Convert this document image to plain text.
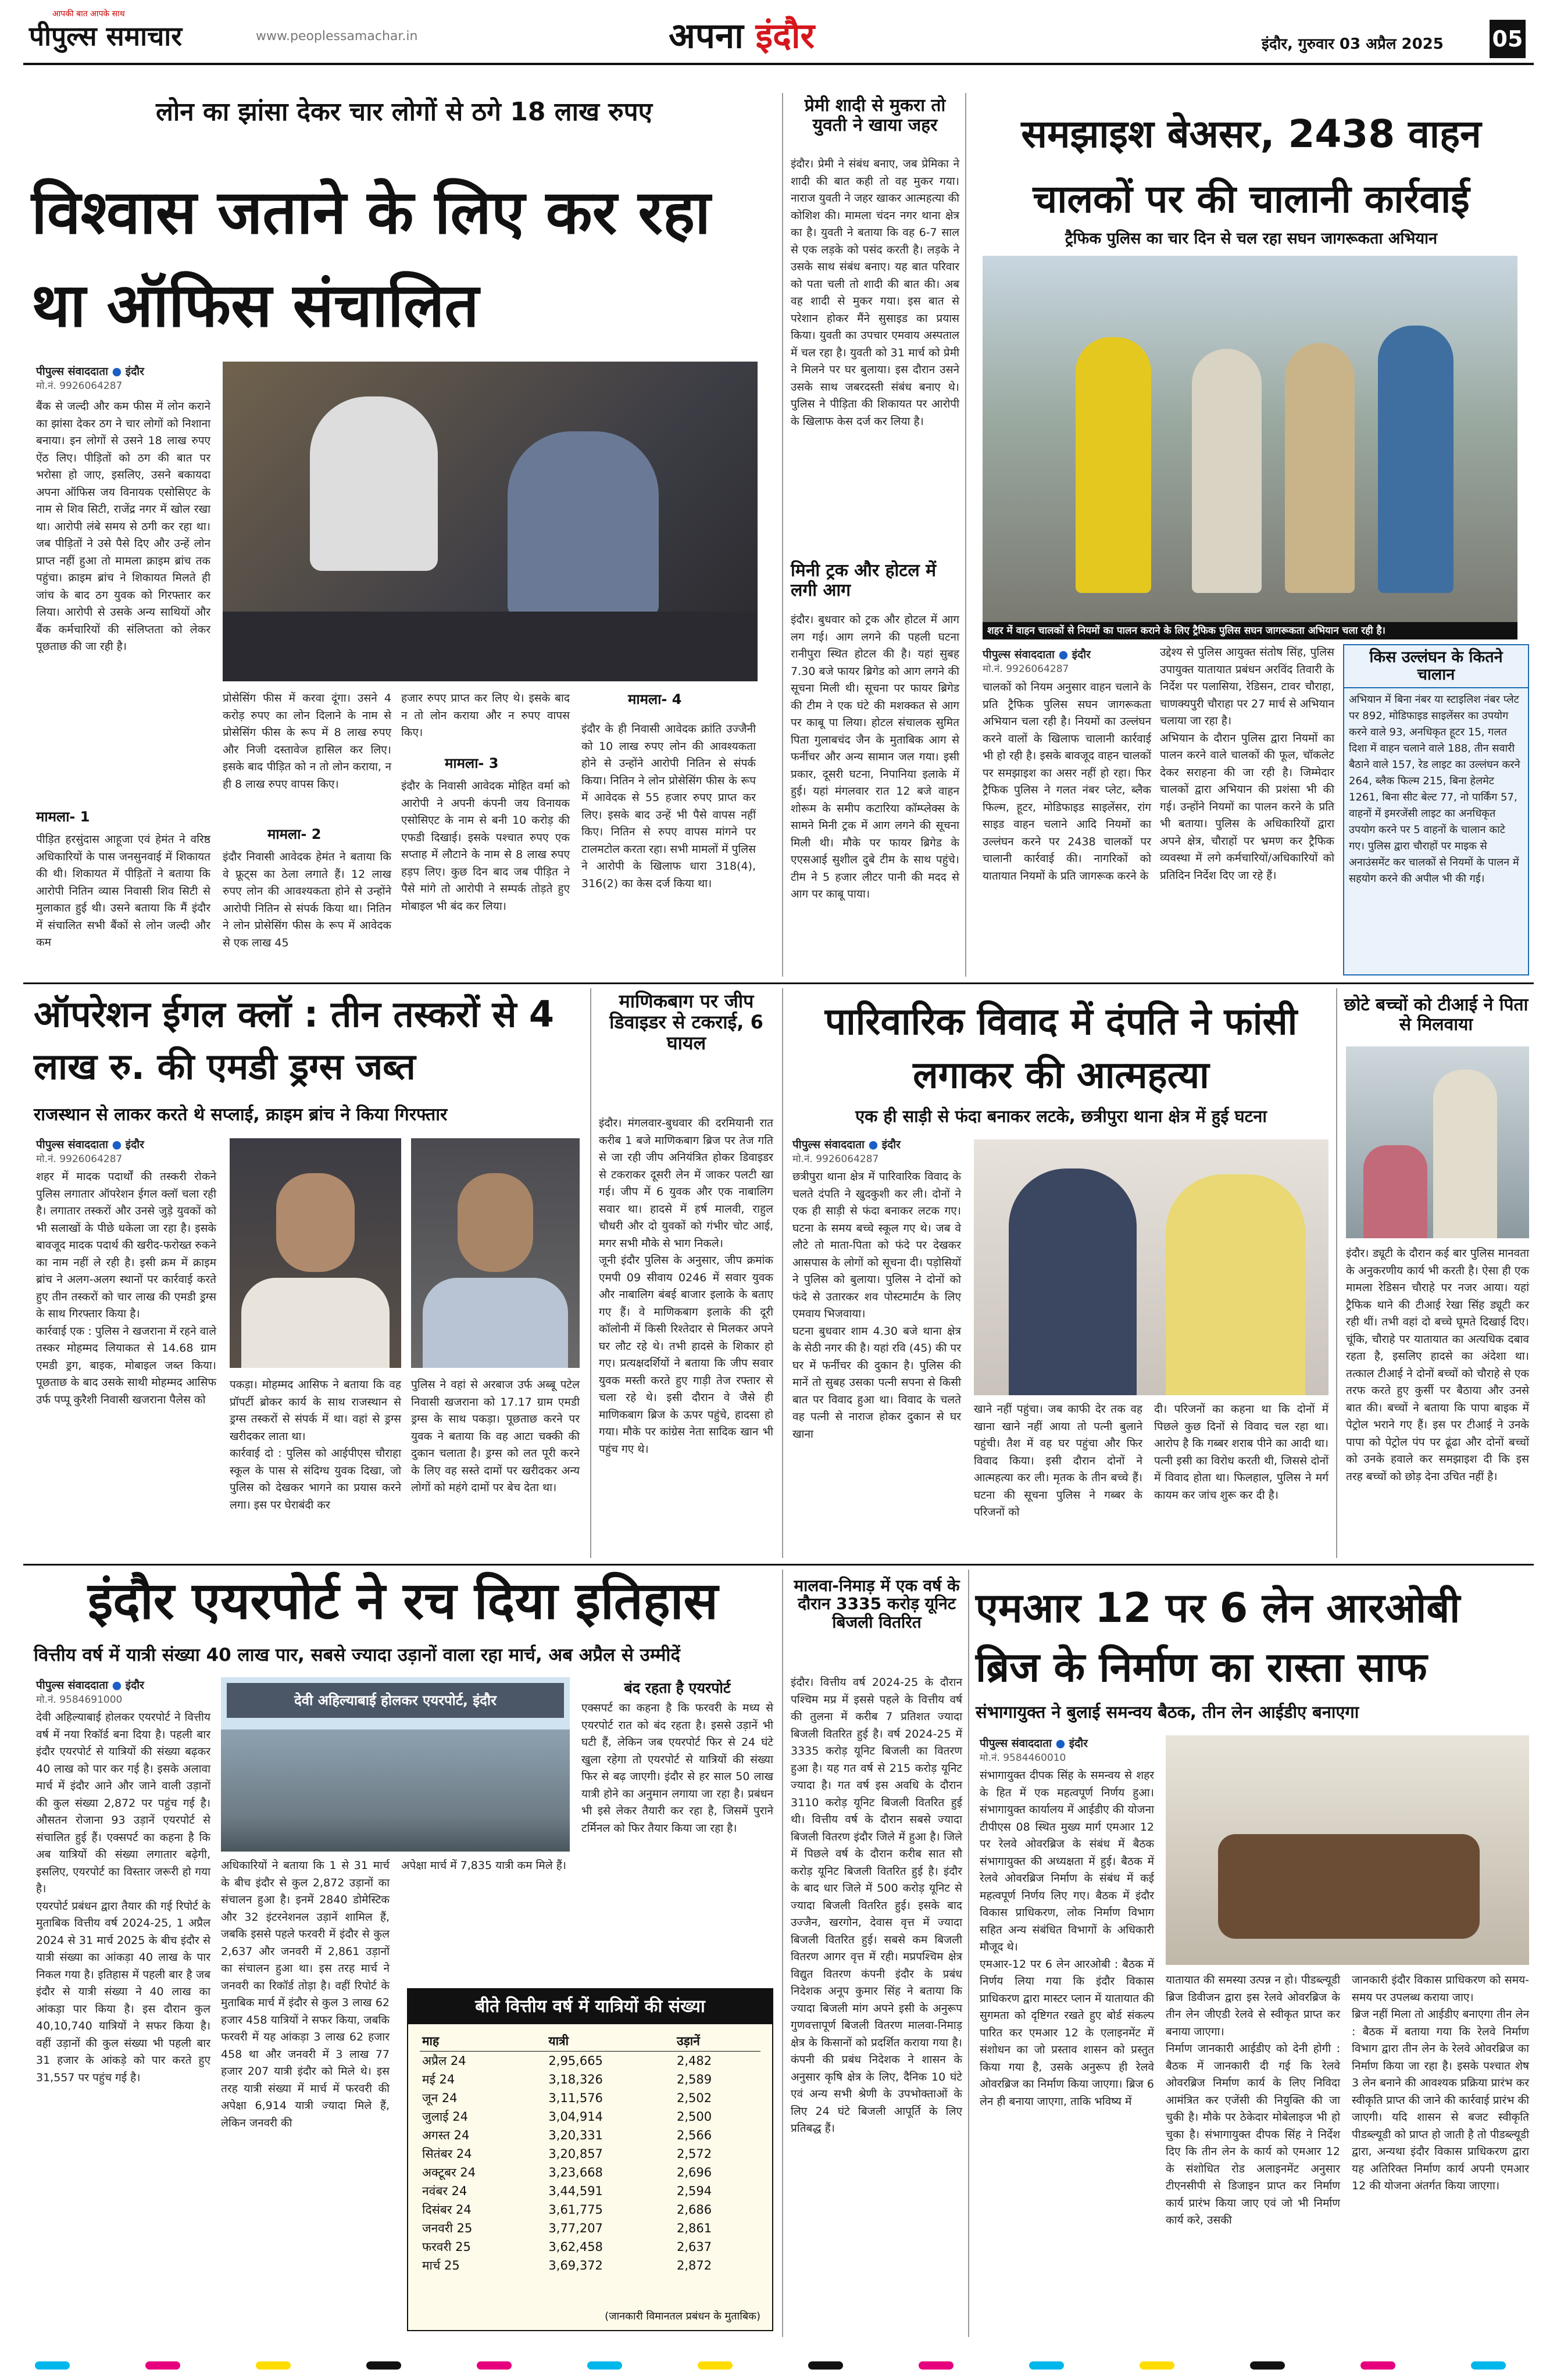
पीपुल्स समाचार
आपकी बात आपके साथ
www.peoplessamachar.in	अपना इंदौर	इंदौर, गुरुवार 03 अप्रैल 2025 05
लोन का झांसा देकर चार लोगों से ठगे 18 लाख रुपए
विश्वास जताने के लिए कर रहा था ऑफिस संचालित
पीपुल्स संवाददाता ● इंदौर
मो.नं. 9926064287
बैंक से जल्दी और कम फीस में लोन कराने का झांसा देकर ठग ने चार लोगों को निशाना बनाया। इन लोगों से उसने 18 लाख रुपए ऐंठ लिए। पीड़ितों को ठग की बात पर भरोसा हो जाए, इसलिए, उसने बकायदा अपना ऑफिस जय विनायक एसोसिएट के नाम से शिव सिटी, राजेंद्र नगर में खोल रखा था। आरोपी लंबे समय से ठगी कर रहा था। जब पीड़ितों ने उसे पैसे दिए और उन्हें लोन प्राप्त नहीं हुआ तो मामला क्राइम ब्रांच तक पहुंचा। क्राइम ब्रांच ने शिकायत मिलते ही जांच के बाद ठग युवक को गिरफ्तार कर लिया। आरोपी से उसके अन्य साथियों और बैंक कर्मचारियों की संलिप्तता को लेकर पूछताछ की जा रही है।
मामला- 1
पीड़ित हरसुंदास आहूजा एवं हेमंत ने वरिष्ठ अधिकारियों के पास जनसुनवाई में शिकायत की थी। शिकायत में पीड़ितों ने बताया कि आरोपी नितिन व्यास निवासी शिव सिटी से मुलाकात हुई थी। उसने बताया कि मैं इंदौर में संचालित सभी बैंकों से लोन जल्दी और कम
प्रोसेसिंग फीस में करवा दूंगा। उसने 4 करोड़ रुपए का लोन दिलाने के नाम से प्रोसेसिंग फीस के रूप में 8 लाख रुपए और निजी दस्तावेज हासिल कर लिए। इसके बाद पीड़ित को न तो लोन कराया, न ही 8 लाख रुपए वापस किए।
मामला- 2
इंदौर निवासी आवेदक हेमंत ने बताया कि वे फ्रूट्स का ठेला लगाते हैं। 12 लाख रुपए लोन की आवश्यकता होने से उन्होंने आरोपी नितिन से संपर्क किया था। नितिन ने लोन प्रोसेसिंग फीस के रूप में आवेदक से एक लाख 45
हजार रुपए प्राप्त कर लिए थे। इसके बाद न तो लोन कराया और न रुपए वापस किए।
मामला- 3
इंदौर के निवासी आवेदक मोहित वर्मा को आरोपी ने अपनी कंपनी जय विनायक एसोसिएट के नाम से बनी 10 करोड़ की एफडी दिखाई। इसके पश्चात रुपए एक सप्ताह में लौटाने के नाम से 8 लाख रुपए हड़प लिए। कुछ दिन बाद जब पीड़ित ने पैसे मांगे तो आरोपी ने सम्पर्क तोड़ते हुए मोबाइल भी बंद कर लिया।
मामला- 4
इंदौर के ही निवासी आवेदक क्रांति उज्जैनी को 10 लाख रुपए लोन की आवश्यकता होने से उन्होंने आरोपी नितिन से संपर्क किया। नितिन ने लोन प्रोसेसिंग फीस के रूप में आवेदक से 55 हजार रुपए प्राप्त कर लिए। इसके बाद उन्हें भी पैसे वापस नहीं किए। नितिन से रुपए वापस मांगने पर टालमटोल करता रहा। सभी मामलों में पुलिस ने आरोपी के खिलाफ धारा 318(4), 316(2) का केस दर्ज किया था।
प्रेमी शादी से मुकरा तो युवती ने खाया जहर
इंदौर। प्रेमी ने संबंध बनाए, जब प्रेमिका ने शादी की बात कही तो वह मुकर गया। नाराज युवती ने जहर खाकर आत्महत्या की कोशिश की। मामला चंदन नगर थाना क्षेत्र का है। युवती ने बताया कि वह 6-7 साल से एक लड़के को पसंद करती है। लड़के ने उसके साथ संबंध बनाए। यह बात परिवार को पता चली तो शादी की बात की। अब वह शादी से मुकर गया। इस बात से परेशान होकर मैंने सुसाइड का प्रयास किया। युवती का उपचार एमवाय अस्पताल में चल रहा है। युवती को 31 मार्च को प्रेमी ने मिलने पर घर बुलाया। इस दौरान उसने उसके साथ जबरदस्ती संबंध बनाए थे। पुलिस ने पीड़िता की शिकायत पर आरोपी के खिलाफ केस दर्ज कर लिया है।
मिनी ट्रक और होटल में लगी आग
इंदौर। बुधवार को ट्रक और होटल में आग लग गई। आग लगने की पहली घटना रानीपुरा स्थित होटल की है। यहां सुबह 7.30 बजे फायर ब्रिगेड को आग लगने की सूचना मिली थी। सूचना पर फायर ब्रिगेड की टीम ने एक घंटे की मशक्कत से आग पर काबू पा लिया। होटल संचालक सुमित पिता गुलाबचंद जैन के मुताबिक आग से फर्नीचर और अन्य सामान जल गया। इसी प्रकार, दूसरी घटना, निपानिया इलाके में हुई। यहां मंगलवार रात 12 बजे वाहन शोरूम के समीप कटारिया कॉम्प्लेक्स के सामने मिनी ट्रक में आग लगने की सूचना मिली थी। मौके पर फायर ब्रिगेड के एएसआई सुशील दुबे टीम के साथ पहुंचे। टीम ने 5 हजार लीटर पानी की मदद से आग पर काबू पाया।
समझाइश बेअसर, 2438 वाहन चालकों पर की चालानी कार्रवाई
ट्रैफिक पुलिस का चार दिन से चल रहा सघन जागरूकता अभियान
शहर में वाहन चालकों से नियमों का पालन कराने के लिए ट्रैफिक पुलिस सघन जागरूकता अभियान चला रही है।
पीपुल्स संवाददाता ● इंदौर
मो.नं. 9926064287
चालकों को नियम अनुसार वाहन चलाने के प्रति ट्रैफिक पुलिस सघन जागरूकता अभियान चला रही है। नियमों का उल्लंघन करने वालों के खिलाफ चालानी कार्रवाई भी हो रही है। इसके बावजूद वाहन चालकों पर समझाइश का असर नहीं हो रहा। फिर ट्रैफिक पुलिस ने गलत नंबर प्लेट, ब्लैक फिल्म, हूटर, मोडिफाइड साइलेंसर, रांग साइड वाहन चलाने आदि नियमों का उल्लंघन करने पर 2438 चालकों पर चालानी कार्रवाई की। नागरिकों को यातायात नियमों के प्रति जागरूक करने के
उद्देश्य से पुलिस आयुक्त संतोष सिंह, पुलिस उपायुक्त यातायात प्रबंधन अरविंद तिवारी के निर्देश पर पलासिया, रेडिसन, टावर चौराहा, चाणक्यपुरी चौराहा पर 27 मार्च से अभियान चलाया जा रहा है।
अभियान के दौरान पुलिस द्वारा नियमों का पालन करने वाले चालकों की फूल, चॉकलेट देकर सराहना की जा रही है। जिम्मेदार चालकों द्वारा अभियान की प्रशंसा भी की गई। उन्होंने नियमों का पालन करने के प्रति भी बताया। पुलिस के अधिकारियों द्वारा अपने क्षेत्र, चौराहों पर भ्रमण कर ट्रैफिक व्यवस्था में लगे कर्मचारियों/अधिकारियों को प्रतिदिन निर्देश दिए जा रहे हैं।
किस उल्लंघन के कितने चालान
अभियान में बिना नंबर या स्टाइलिश नंबर प्लेट पर 892, मोडिफाइड साइलेंसर का उपयोग करने वाले 93, अनधिकृत हूटर 15, गलत दिशा में वाहन चलाने वाले 188, तीन सवारी बैठाने वाले 157, रेड लाइट का उल्लंघन करने 264, ब्लैक फिल्म 215, बिना हेलमेट 1261, बिना सीट बेल्ट 77, नो पार्किंग 57, वाहनों में इमरजेंसी लाइट का अनधिकृत उपयोग करने पर 5 वाहनों के चालान काटे गए। पुलिस द्वारा चौराहों पर माइक से अनाउंसमेंट कर चालकों से नियमों के पालन में सहयोग करने की अपील भी की गई।
ऑपरेशन ईगल क्लॉ : तीन तस्करों से 4 लाख रु. की एमडी ड्रग्स जब्त
राजस्थान से लाकर करते थे सप्लाई, क्राइम ब्रांच ने किया गिरफ्तार
पीपुल्स संवाददाता ● इंदौर
मो.नं. 9926064287
शहर में मादक पदार्थों की तस्करी रोकने पुलिस लगातार ऑपरेशन ईगल क्लॉ चला रही है। लगातार तस्करों और उनसे जुड़े युवकों को भी सलाखों के पीछे धकेला जा रहा है। इसके बावजूद मादक पदार्थ की खरीद-फरोख्त रुकने का नाम नहीं ले रही है। इसी क्रम में क्राइम ब्रांच ने अलग-अलग स्थानों पर कार्रवाई करते हुए तीन तस्करों को चार लाख की एमडी ड्रग्स के साथ गिरफ्तार किया है।
कार्रवाई एक : पुलिस ने खजराना में रहने वाले तस्कर मोहम्मद लियाकत से 14.68 ग्राम एमडी ड्रग, बाइक, मोबाइल जब्त किया। पूछताछ के बाद उसके साथी मोहम्मद आसिफ उर्फ पप्पू कुरैशी निवासी खजराना पैलेस को
पकड़ा। मोहम्मद आसिफ ने बताया कि वह प्रॉपर्टी ब्रोकर कार्य के साथ राजस्थान से ड्रग्स तस्करों से संपर्क में था। वहां से ड्रग्स खरीदकर लाता था।
कार्रवाई दो : पुलिस को आईपीएस चौराहा स्कूल के पास से संदिग्ध युवक दिखा, जो पुलिस को देखकर भागने का प्रयास करने लगा। इस पर घेराबंदी कर
पुलिस ने वहां से अरबाज उर्फ अब्बू पटेल निवासी खजराना को 17.17 ग्राम एमडी ड्रग्स के साथ पकड़ा। पूछताछ करने पर युवक ने बताया कि वह आटा चक्की की दुकान चलाता है। ड्रग्स को लत पूरी करने के लिए वह सस्ते दामों पर खरीदकर अन्य लोगों को महंगे दामों पर बेच देता था।
माणिकबाग पर जीप डिवाइडर से टकराई, 6 घायल
इंदौर। मंगलवार-बुधवार की दरमियानी रात करीब 1 बजे माणिकबाग ब्रिज पर तेज गति से जा रही जीप अनियंत्रित होकर डिवाइडर से टकराकर दूसरी लेन में जाकर पलटी खा गई। जीप में 6 युवक और एक नाबालिग सवार था। हादसे में हर्ष मालवी, राहुल चौधरी और दो युवकों को गंभीर चोट आई, मगर सभी मौके से भाग निकले।
जूनी इंदौर पुलिस के अनुसार, जीप क्रमांक एमपी 09 सीवाय 0246 में सवार युवक और नाबालिग बंबई बाजार इलाके के बताए गए हैं। वे माणिकबाग इलाके की दूरी कॉलोनी में किसी रिश्तेदार से मिलकर अपने घर लौट रहे थे। तभी हादसे के शिकार हो गए। प्रत्यक्षदर्शियों ने बताया कि जीप सवार युवक मस्ती करते हुए गाड़ी तेज रफ्तार से चला रहे थे। इसी दौरान वे जैसे ही माणिकबाग ब्रिज के ऊपर पहुंचे, हादसा हो गया। मौके पर कांग्रेस नेता सादिक खान भी पहुंच गए थे।
पारिवारिक विवाद में दंपति ने फांसी लगाकर की आत्महत्या
एक ही साड़ी से फंदा बनाकर लटके, छत्रीपुरा थाना क्षेत्र में हुई घटना
पीपुल्स संवाददाता ● इंदौर
मो.नं. 9926064287
छत्रीपुरा थाना क्षेत्र में पारिवारिक विवाद के चलते दंपति ने खुदकुशी कर ली। दोनों ने एक ही साड़ी से फंदा बनाकर लटक गए। घटना के समय बच्चे स्कूल गए थे। जब वे लौटे तो माता-पिता को फंदे पर देखकर आसपास के लोगों को सूचना दी। पड़ोसियों ने पुलिस को बुलाया। पुलिस ने दोनों को फंदे से उतारकर शव पोस्टमार्टम के लिए एमवाय भिजवाया।
घटना बुधवार शाम 4.30 बजे थाना क्षेत्र के सेठी नगर की है। यहां रवि (45) की पर घर में फर्नीचर की दुकान है। पुलिस की मानें तो सुबह उसका पत्नी सपना से किसी बात पर विवाद हुआ था। विवाद के चलते वह पत्नी से नाराज होकर दुकान से घर खाना
खाने नहीं पहुंचा। जब काफी देर तक वह खाना खाने नहीं आया तो पत्नी बुलाने पहुंची। तैश में वह घर पहुंचा और फिर विवाद किया। इसी दौरान दोनों ने आत्महत्या कर ली। मृतक के तीन बच्चे हैं। घटना की सूचना पुलिस ने गब्बर के परिजनों को
दी। परिजनों का कहना था कि दोनों में पिछले कुछ दिनों से विवाद चल रहा था। आरोप है कि गब्बर शराब पीने का आदी था। पत्नी इसी का विरोध करती थी, जिससे दोनों में विवाद होता था। फिलहाल, पुलिस ने मर्ग कायम कर जांच शुरू कर दी है।
छोटे बच्चों को टीआई ने पिता से मिलवाया
इंदौर। ड्यूटी के दौरान कई बार पुलिस मानवता के अनुकरणीय कार्य भी करती है। ऐसा ही एक मामला रेडिसन चौराहे पर नजर आया। यहां ट्रैफिक थाने की टीआई रेखा सिंह ड्यूटी कर रही थीं। तभी वहां दो बच्चे घूमते दिखाई दिए। चूंकि, चौराहे पर यातायात का अत्यधिक दबाव रहता है, इसलिए हादसे का अंदेशा था। तत्काल टीआई ने दोनों बच्चों को चौराहे से एक तरफ करते हुए कुर्सी पर बैठाया और उनसे बात की। बच्चों ने बताया कि पापा बाइक में पेट्रोल भराने गए हैं। इस पर टीआई ने उनके पापा को पेट्रोल पंप पर ढूंढा और दोनों बच्चों को उनके हवाले कर समझाइश दी कि इस तरह बच्चों को छोड़ देना उचित नहीं है।
इंदौर एयरपोर्ट ने रच दिया इतिहास
वित्तीय वर्ष में यात्री संख्या 40 लाख पार, सबसे ज्यादा उड़ानों वाला रहा मार्च, अब अप्रैल से उम्मीदें
पीपुल्स संवाददाता ● इंदौर
मो.नं. 9584691000
देवी अहिल्याबाई होलकर एयरपोर्ट ने वित्तीय वर्ष में नया रिकॉर्ड बना दिया है। पहली बार इंदौर एयरपोर्ट से यात्रियों की संख्या बढ़कर 40 लाख को पार कर गई है। इसके अलावा मार्च में इंदौर आने और जाने वाली उड़ानों की कुल संख्या 2,872 पर पहुंच गई है। औसतन रोजाना 93 उड़ानें एयरपोर्ट से संचालित हुई हैं। एक्सपर्ट का कहना है कि अब यात्रियों की संख्या लगातार बढ़ेगी, इसलिए, एयरपोर्ट का विस्तार जरूरी हो गया है।
एयरपोर्ट प्रबंधन द्वारा तैयार की गई रिपोर्ट के मुताबिक वित्तीय वर्ष 2024-25, 1 अप्रैल 2024 से 31 मार्च 2025 के बीच इंदौर से यात्री संख्या का आंकड़ा 40 लाख के पार निकल गया है। इतिहास में पहली बार है जब इंदौर से यात्री संख्या ने 40 लाख का आंकड़ा पार किया है। इस दौरान कुल 40,10,740 यात्रियों ने सफर किया है। वहीं उड़ानों की कुल संख्या भी पहली बार 31 हजार के आंकड़े को पार करते हुए 31,557 पर पहुंच गई है।
देवी अहिल्याबाई होलकर एयरपोर्ट, इंदौर
अधिकारियों ने बताया कि 1 से 31 मार्च के बीच इंदौर से कुल 2,872 उड़ानों का संचालन हुआ है। इनमें 2840 डोमेस्टिक और 32 इंटरनेशनल उड़ानें शामिल हैं, जबकि इससे पहले फरवरी में इंदौर से कुल 2,637 और जनवरी में 2,861 उड़ानों का संचालन हुआ था। इस तरह मार्च ने जनवरी का रिकॉर्ड तोड़ा है। वहीं रिपोर्ट के मुताबिक मार्च में इंदौर से कुल 3 लाख 62 हजार 458 यात्रियों ने सफर किया, जबकि फरवरी में यह आंकड़ा 3 लाख 62 हजार 458 था और जनवरी में 3 लाख 77 हजार 207 यात्री इंदौर को मिले थे। इस तरह यात्री संख्या में मार्च में फरवरी की अपेक्षा 6,914 यात्री ज्यादा मिले हैं, लेकिन जनवरी की
अपेक्षा मार्च में 7,835 यात्री कम मिले हैं।
बंद रहता है एयरपोर्ट
एक्सपर्ट का कहना है कि फरवरी के मध्य से एयरपोर्ट रात को बंद रहता है। इससे उड़ानें भी घटी हैं, लेकिन जब एयरपोर्ट फिर से 24 घंटे खुला रहेगा तो एयरपोर्ट से यात्रियों की संख्या फिर से बढ़ जाएगी। इंदौर से हर साल 50 लाख यात्री होने का अनुमान लगाया जा रहा है। प्रबंधन भी इसे लेकर तैयारी कर रहा है, जिसमें पुराने टर्मिनल को फिर तैयार किया जा रहा है।
बीते वित्तीय वर्ष में यात्रियों की संख्या
माह	यात्री	उड़ानें
अप्रैल 24	2,95,665	2,482
मई 24	3,18,326	2,589
जून 24	3,11,576	2,502
जुलाई 24	3,04,914	2,500
अगस्त 24	3,20,331	2,566
सितंबर 24	3,20,857	2,572
अक्टूबर 24	3,23,668	2,696
नवंबर 24	3,44,591	2,594
दिसंबर 24	3,61,775	2,686
जनवरी 25	3,77,207	2,861
फरवरी 25	3,62,458	2,637
मार्च 25	3,69,372	2,872
(जानकारी विमानतल प्रबंधन के मुताबिक)
मालवा-निमाड़ में एक वर्ष के दौरान 3335 करोड़ यूनिट बिजली वितरित
इंदौर। वित्तीय वर्ष 2024-25 के दौरान पश्चिम मप्र में इससे पहले के वित्तीय वर्ष की तुलना में करीब 7 प्रतिशत ज्यादा बिजली वितरित हुई है। वर्ष 2024-25 में 3335 करोड़ यूनिट बिजली का वितरण हुआ है। यह गत वर्ष से 215 करोड़ यूनिट ज्यादा है। गत वर्ष इस अवधि के दौरान 3110 करोड़ यूनिट बिजली वितरित हुई थी। वित्तीय वर्ष के दौरान सबसे ज्यादा बिजली वितरण इंदौर जिले में हुआ है। जिले में पिछले वर्ष के दौरान करीब सात सौ करोड़ यूनिट बिजली वितरित हुई है। इंदौर के बाद धार जिले में 500 करोड़ यूनिट से ज्यादा बिजली वितरित हुई। इसके बाद उज्जैन, खरगोन, देवास वृत्त में ज्यादा बिजली वितरित हुई। सबसे कम बिजली वितरण आगर वृत्त में रही। मप्रपश्चिम क्षेत्र विद्युत वितरण कंपनी इंदौर के प्रबंध निदेशक अनूप कुमार सिंह ने बताया कि ज्यादा बिजली मांग अपने इसी के अनुरूप गुणवत्तापूर्ण बिजली वितरण मालवा-निमाड़ क्षेत्र के किसानों को प्रदर्शित कराया गया है। कंपनी की प्रबंध निदेशक ने शासन के अनुसार कृषि क्षेत्र के लिए, दैनिक 10 घंटे एवं अन्य सभी श्रेणी के उपभोक्ताओं के लिए 24 घंटे बिजली आपूर्ति के लिए प्रतिबद्ध हैं।
एमआर 12 पर 6 लेन आरओबी ब्रिज के निर्माण का रास्ता साफ
संभागायुक्त ने बुलाई समन्वय बैठक, तीन लेन आईडीए बनाएगा
पीपुल्स संवाददाता ● इंदौर
मो.नं. 9584460010
संभागायुक्त दीपक सिंह के समन्वय से शहर के हित में एक महत्वपूर्ण निर्णय हुआ। संभागायुक्त कार्यालय में आईडीए की योजना टीपीएस 08 स्थित मुख्य मार्ग एमआर 12 पर रेलवे ओवरब्रिज के संबंध में बैठक संभागायुक्त की अध्यक्षता में हुई। बैठक में रेलवे ओवरब्रिज निर्माण के संबंध में कई महत्वपूर्ण निर्णय लिए गए। बैठक में इंदौर विकास प्राधिकरण, लोक निर्माण विभाग सहित अन्य संबंधित विभागों के अधिकारी मौजूद थे।
एमआर-12 पर 6 लेन आरओबी : बैठक में निर्णय लिया गया कि इंदौर विकास प्राधिकरण द्वारा मास्टर प्लान में यातायात की सुगमता को दृष्टिगत रखते हुए बोर्ड संकल्प पारित कर एमआर 12 के एलाइनमेंट में संशोधन का जो प्रस्ताव शासन को प्रस्तुत किया गया है, उसके अनुरूप ही रेलवे ओवरब्रिज का निर्माण किया जाएगा। ब्रिज 6 लेन ही बनाया जाएगा, ताकि भविष्य में
यातायात की समस्या उत्पन्न न हो। पीडब्ल्यूडी ब्रिज डिवीजन द्वारा इस रेलवे ओवरब्रिज के तीन लेन जीएडी रेलवे से स्वीकृत प्राप्त कर बनाया जाएगा।
निर्माण जानकारी आईडीए को देनी होगी : बैठक में जानकारी दी गई कि रेलवे ओवरब्रिज निर्माण कार्य के लिए निविदा आमंत्रित कर एजेंसी की नियुक्ति की जा चुकी है। मौके पर ठेकेदार मोबेलाइज भी हो चुका है। संभागायुक्त दीपक सिंह ने निर्देश दिए कि तीन लेन के कार्य को एमआर 12 के संशोधित रोड अलाइनमेंट अनुसार टीएनसीपी से डिजाइन प्राप्त कर निर्माण कार्य प्रारंभ किया जाए एवं जो भी निर्माण कार्य करे, उसकी
जानकारी इंदौर विकास प्राधिकरण को समय-समय पर उपलब्ध कराया जाए।
ब्रिज नहीं मिला तो आईडीए बनाएगा तीन लेन : बैठक में बताया गया कि रेलवे निर्माण विभाग द्वारा तीन लेन के रेलवे ओवरब्रिज का निर्माण किया जा रहा है। इसके पश्चात शेष 3 लेन बनाने की आवश्यक प्रक्रिया प्रारंभ कर स्वीकृति प्राप्त की जाने की कार्रवाई प्रारंभ की जाएगी। यदि शासन से बजट स्वीकृति पीडब्ल्यूडी को प्राप्त हो जाती है तो पीडब्ल्यूडी द्वारा, अन्यथा इंदौर विकास प्राधिकरण द्वारा यह अतिरिक्त निर्माण कार्य अपनी एमआर 12 की योजना अंतर्गत किया जाएगा।
